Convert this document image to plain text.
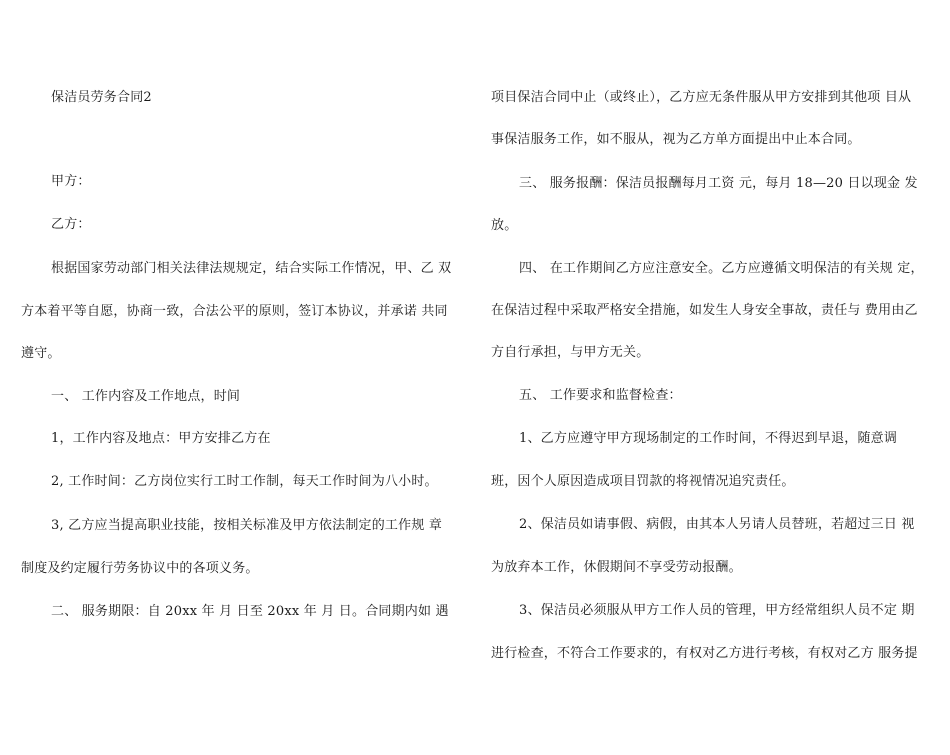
保洁员劳务合同2
甲方：
乙方：
根据国家劳动部门相关法律法规规定，结合实际工作情况，甲、乙 双
方本着平等自愿，协商一致，合法公平的原则，签订本协议，并承诺 共同
遵守。
一、 工作内容及工作地点，时间
1，工作内容及地点：甲方安排乙方在
2, 工作时间：乙方岗位实行工时工作制，每天工作时间为八小时。
3, 乙方应当提高职业技能，按相关标准及甲方依法制定的工作规 章
制度及约定履行劳务协议中的各项义务。
二、 服务期限：自 20xx 年 月 日至 20xx 年 月 日。合同期内如 遇
项目保洁合同中止（或终止），乙方应无条件服从甲方安排到其他项 目从
事保洁服务工作，如不服从，视为乙方单方面提出中止本合同。
三、 服务报酬：保洁员报酬每月工资 元，每月 18—20 日以现金 发
放。
四、 在工作期间乙方应注意安全。乙方应遵循文明保洁的有关规 定，
在保洁过程中采取严格安全措施，如发生人身安全事故，责任与 费用由乙
方自行承担，与甲方无关。
五、 工作要求和监督检查：
1、乙方应遵守甲方现场制定的工作时间，不得迟到早退，随意调
班，因个人原因造成项目罚款的将视情况追究责任。
2、保洁员如请事假、病假，由其本人另请人员替班，若超过三日 视
为放弃本工作，休假期间不享受劳动报酬。
3、保洁员必须服从甲方工作人员的管理，甲方经常组织人员不定 期
进行检查，不符合工作要求的，有权对乙方进行考核，有权对乙方 服务提
